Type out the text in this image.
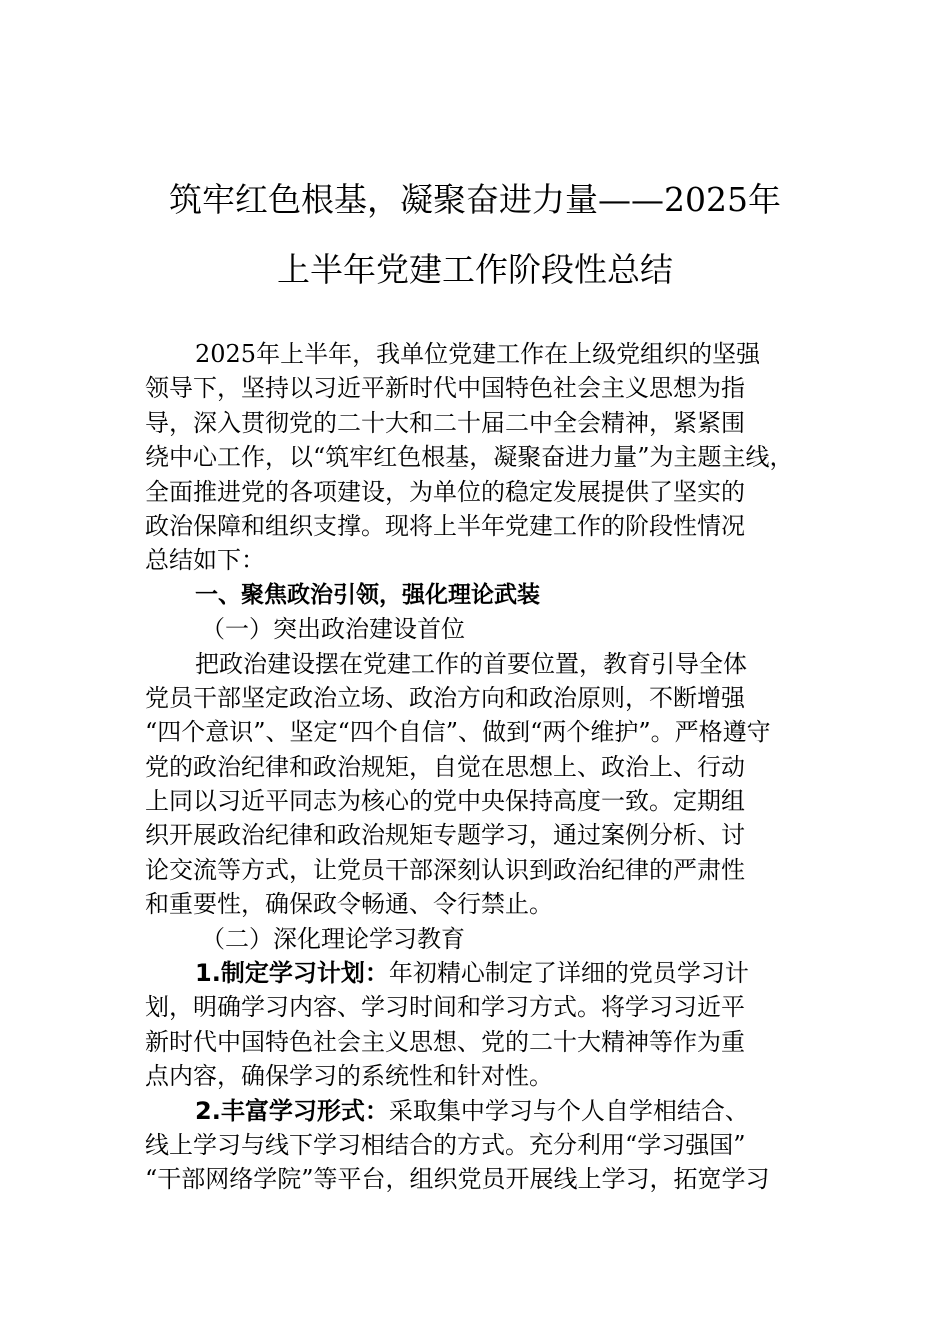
筑牢红色根基，凝聚奋进力量——2025年
上半年党建工作阶段性总结
2025年上半年，我单位党建工作在上级党组织的坚强
领导下，坚持以习近平新时代中国特色社会主义思想为指
导，深入贯彻党的二十大和二十届二中全会精神，紧紧围
绕中心工作，以“筑牢红色根基，凝聚奋进力量”为主题主线，
全面推进党的各项建设，为单位的稳定发展提供了坚实的
政治保障和组织支撑。现将上半年党建工作的阶段性情况
总结如下：
一、聚焦政治引领，强化理论武装
（一）突出政治建设首位
把政治建设摆在党建工作的首要位置，教育引导全体
党员干部坚定政治立场、政治方向和政治原则，不断增强
“四个意识”、坚定“四个自信”、做到“两个维护”。严格遵守
党的政治纪律和政治规矩，自觉在思想上、政治上、行动
上同以习近平同志为核心的党中央保持高度一致。定期组
织开展政治纪律和政治规矩专题学习，通过案例分析、讨
论交流等方式，让党员干部深刻认识到政治纪律的严肃性
和重要性，确保政令畅通、令行禁止。
（二）深化理论学习教育
1.制定学习计划：年初精心制定了详细的党员学习计
划，明确学习内容、学习时间和学习方式。将学习习近平
新时代中国特色社会主义思想、党的二十大精神等作为重
点内容，确保学习的系统性和针对性。
2.丰富学习形式：采取集中学习与个人自学相结合、
线上学习与线下学习相结合的方式。充分利用“学习强国”
“干部网络学院”等平台，组织党员开展线上学习，拓宽学习
